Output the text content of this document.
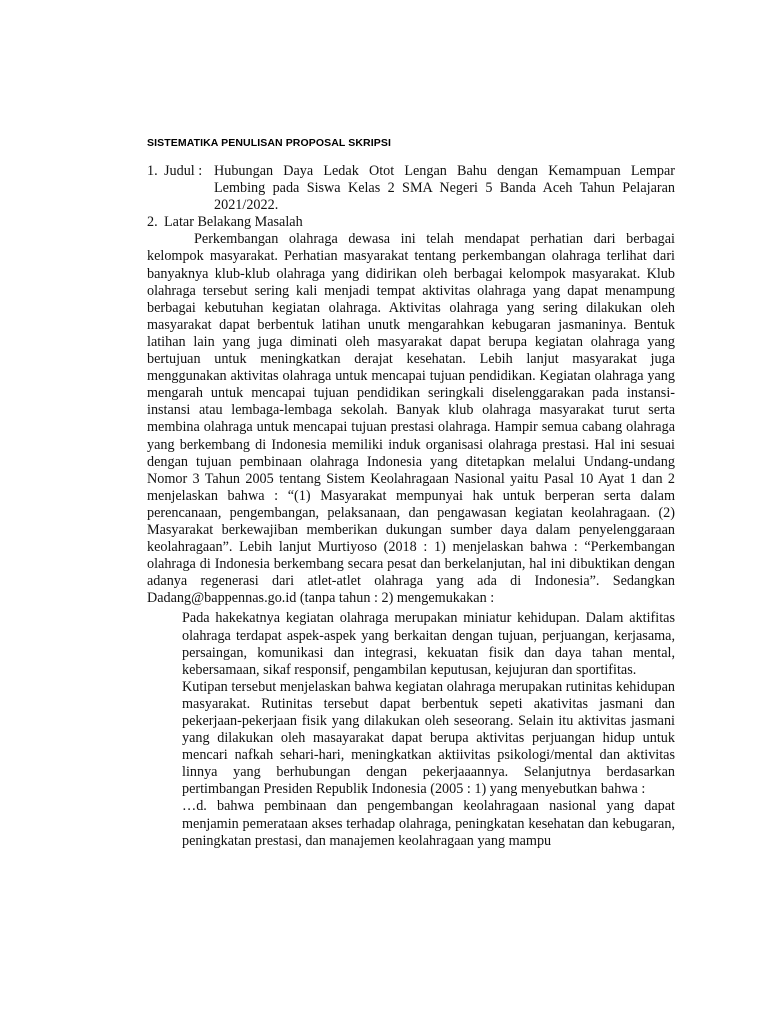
SISTEMATIKA PENULISAN PROPOSAL SKRIPSI
1. Judul : Hubungan Daya Ledak Otot Lengan Bahu dengan Kemampuan Lempar Lembing pada Siswa Kelas 2 SMA Negeri 5 Banda Aceh Tahun Pelajaran 2021/2022.
2. Latar Belakang Masalah

Perkembangan olahraga dewasa ini telah mendapat perhatian dari berbagai kelompok masyarakat. Perhatian masyarakat tentang perkembangan olahraga terlihat dari banyaknya klub-klub olahraga yang didirikan oleh berbagai kelompok masyarakat. Klub olahraga tersebut sering kali menjadi tempat aktivitas olahraga yang dapat menampung berbagai kebutuhan kegiatan olahraga. Aktivitas olahraga yang sering dilakukan oleh masyarakat dapat berbentuk latihan unutk mengarahkan kebugaran jasmaninya. Bentuk latihan lain yang juga diminati oleh masyarakat dapat berupa kegiatan olahraga yang bertujuan untuk meningkatkan derajat kesehatan. Lebih lanjut masyarakat juga menggunakan aktivitas olahraga untuk mencapai tujuan pendidikan. Kegiatan olahraga yang mengarah untuk mencapai tujuan pendidikan seringkali diselenggarakan pada instansi-instansi atau lembaga-lembaga sekolah. Banyak klub olahraga masyarakat turut serta membina olahraga untuk mencapai tujuan prestasi olahraga. Hampir semua cabang olahraga yang berkembang di Indonesia memiliki induk organisasi olahraga prestasi. Hal ini sesuai dengan tujuan pembinaan olahraga Indonesia yang ditetapkan melalui Undang-undang Nomor 3 Tahun 2005 tentang Sistem Keolahragaan Nasional yaitu Pasal 10 Ayat 1 dan 2 menjelaskan bahwa : “(1) Masyarakat mempunyai hak untuk berperan serta dalam perencanaan, pengembangan, pelaksanaan, dan pengawasan kegiatan keolahragaan. (2) Masyarakat berkewajiban memberikan dukungan sumber daya dalam penyelenggaraan keolahragaan”. Lebih lanjut Murtiyoso (2018 : 1) menjelaskan bahwa : “Perkembangan olahraga di Indonesia berkembang secara pesat dan berkelanjutan, hal ini dibuktikan dengan adanya regenerasi dari atlet-atlet olahraga yang ada di Indonesia”. Sedangkan Dadang@bappennas.go.id (tanpa tahun : 2) mengemukakan :

Pada hakekatnya kegiatan olahraga merupakan miniatur kehidupan. Dalam aktifitas olahraga terdapat aspek-aspek yang berkaitan dengan tujuan, perjuangan, kerjasama, persaingan, komunikasi dan integrasi, kekuatan fisik dan daya tahan mental, kebersamaan, sikaf responsif, pengambilan keputusan, kejujuran dan sportifitas.

Kutipan tersebut menjelaskan bahwa kegiatan olahraga merupakan rutinitas kehidupan masyarakat. Rutinitas tersebut dapat berbentuk sepeti akativitas jasmani dan pekerjaan-pekerjaan fisik yang dilakukan oleh seseorang. Selain itu aktivitas jasmani yang dilakukan oleh masayarakat dapat berupa aktivitas perjuangan hidup untuk mencari nafkah sehari-hari, meningkatkan aktiivitas psikologi/mental dan aktivitas linnya yang berhubungan dengan pekerjaaannya. Selanjutnya berdasarkan pertimbangan Presiden Republik Indonesia (2005 : 1) yang menyebutkan bahwa :

…d. bahwa pembinaan dan pengembangan keolahragaan nasional yang dapat menjamin pemerataan akses terhadap olahraga, peningkatan kesehatan dan kebugaran, peningkatan prestasi, dan manajemen keolahragaan yang mampu
